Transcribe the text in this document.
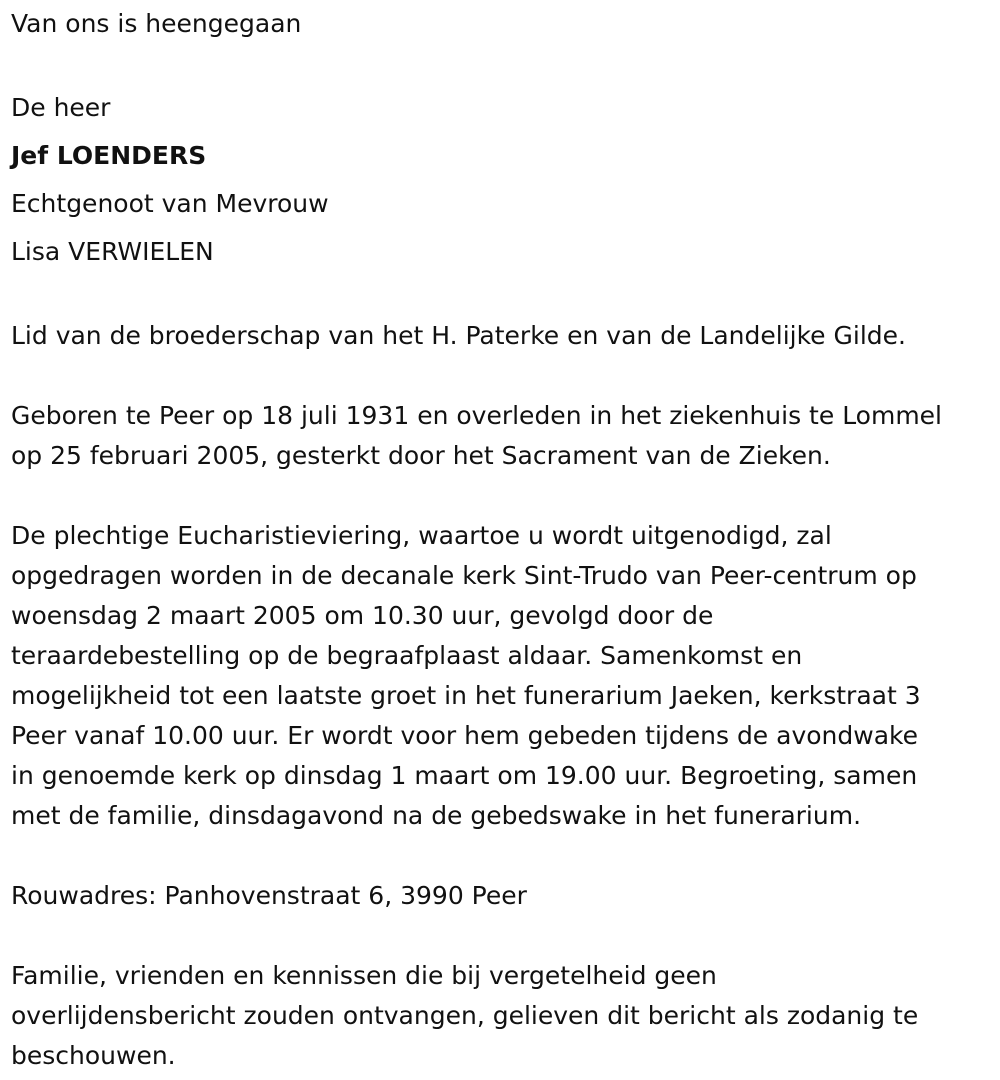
Van ons is heengegaan
De heer
Jef LOENDERS
Echtgenoot van Mevrouw
Lisa VERWIELEN
Lid van de broederschap van het H. Paterke en van de Landelijke Gilde.
Geboren te Peer op 18 juli 1931 en overleden in het ziekenhuis te Lommel
op 25 februari 2005, gesterkt door het Sacrament van de Zieken.
De plechtige Eucharistieviering, waartoe u wordt uitgenodigd, zal
opgedragen worden in de decanale kerk Sint-Trudo van Peer-centrum op
woensdag 2 maart 2005 om 10.30 uur, gevolgd door de
teraardebestelling op de begraafplaast aldaar. Samenkomst en
mogelijkheid tot een laatste groet in het funerarium Jaeken, kerkstraat 3
Peer vanaf 10.00 uur. Er wordt voor hem gebeden tijdens de avondwake
in genoemde kerk op dinsdag 1 maart om 19.00 uur. Begroeting, samen
met de familie, dinsdagavond na de gebedswake in het funerarium.
Rouwadres: Panhovenstraat 6, 3990 Peer
Familie, vrienden en kennissen die bij vergetelheid geen
overlijdensbericht zouden ontvangen, gelieven dit bericht als zodanig te
beschouwen.
